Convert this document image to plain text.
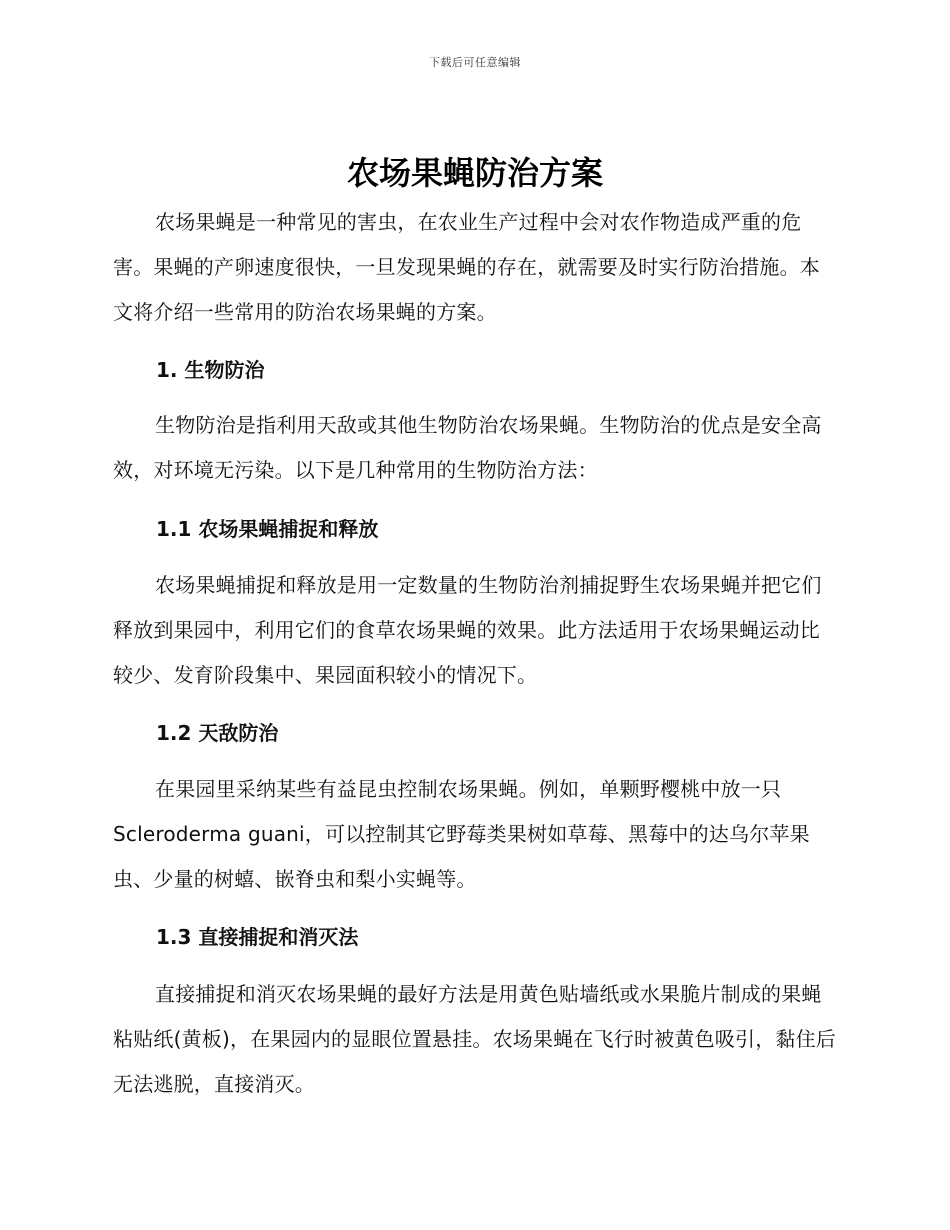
下载后可任意编辑
农场果蝇防治方案

农场果蝇是一种常见的害虫，在农业生产过程中会对农作物造成严重的危害。果蝇的产卵速度很快，一旦发现果蝇的存在，就需要及时实行防治措施。本文将介绍一些常用的防治农场果蝇的方案。

1. 生物防治

生物防治是指利用天敌或其他生物防治农场果蝇。生物防治的优点是安全高效，对环境无污染。以下是几种常用的生物防治方法：

1.1 农场果蝇捕捉和释放

农场果蝇捕捉和释放是用一定数量的生物防治剂捕捉野生农场果蝇并把它们释放到果园中，利用它们的食草农场果蝇的效果。此方法适用于农场果蝇运动比较少、发育阶段集中、果园面积较小的情况下。

1.2 天敌防治

在果园里采纳某些有益昆虫控制农场果蝇。例如，单颗野樱桃中放一只Scleroderma guani，可以控制其它野莓类果树如草莓、黑莓中的达乌尔苹果虫、少量的树蟢、嵌脊虫和梨小实蝇等。

1.3 直接捕捉和消灭法

直接捕捉和消灭农场果蝇的最好方法是用黄色贴墙纸或水果脆片制成的果蝇粘贴纸(黄板)，在果园内的显眼位置悬挂。农场果蝇在飞行时被黄色吸引，黏住后无法逃脱，直接消灭。
